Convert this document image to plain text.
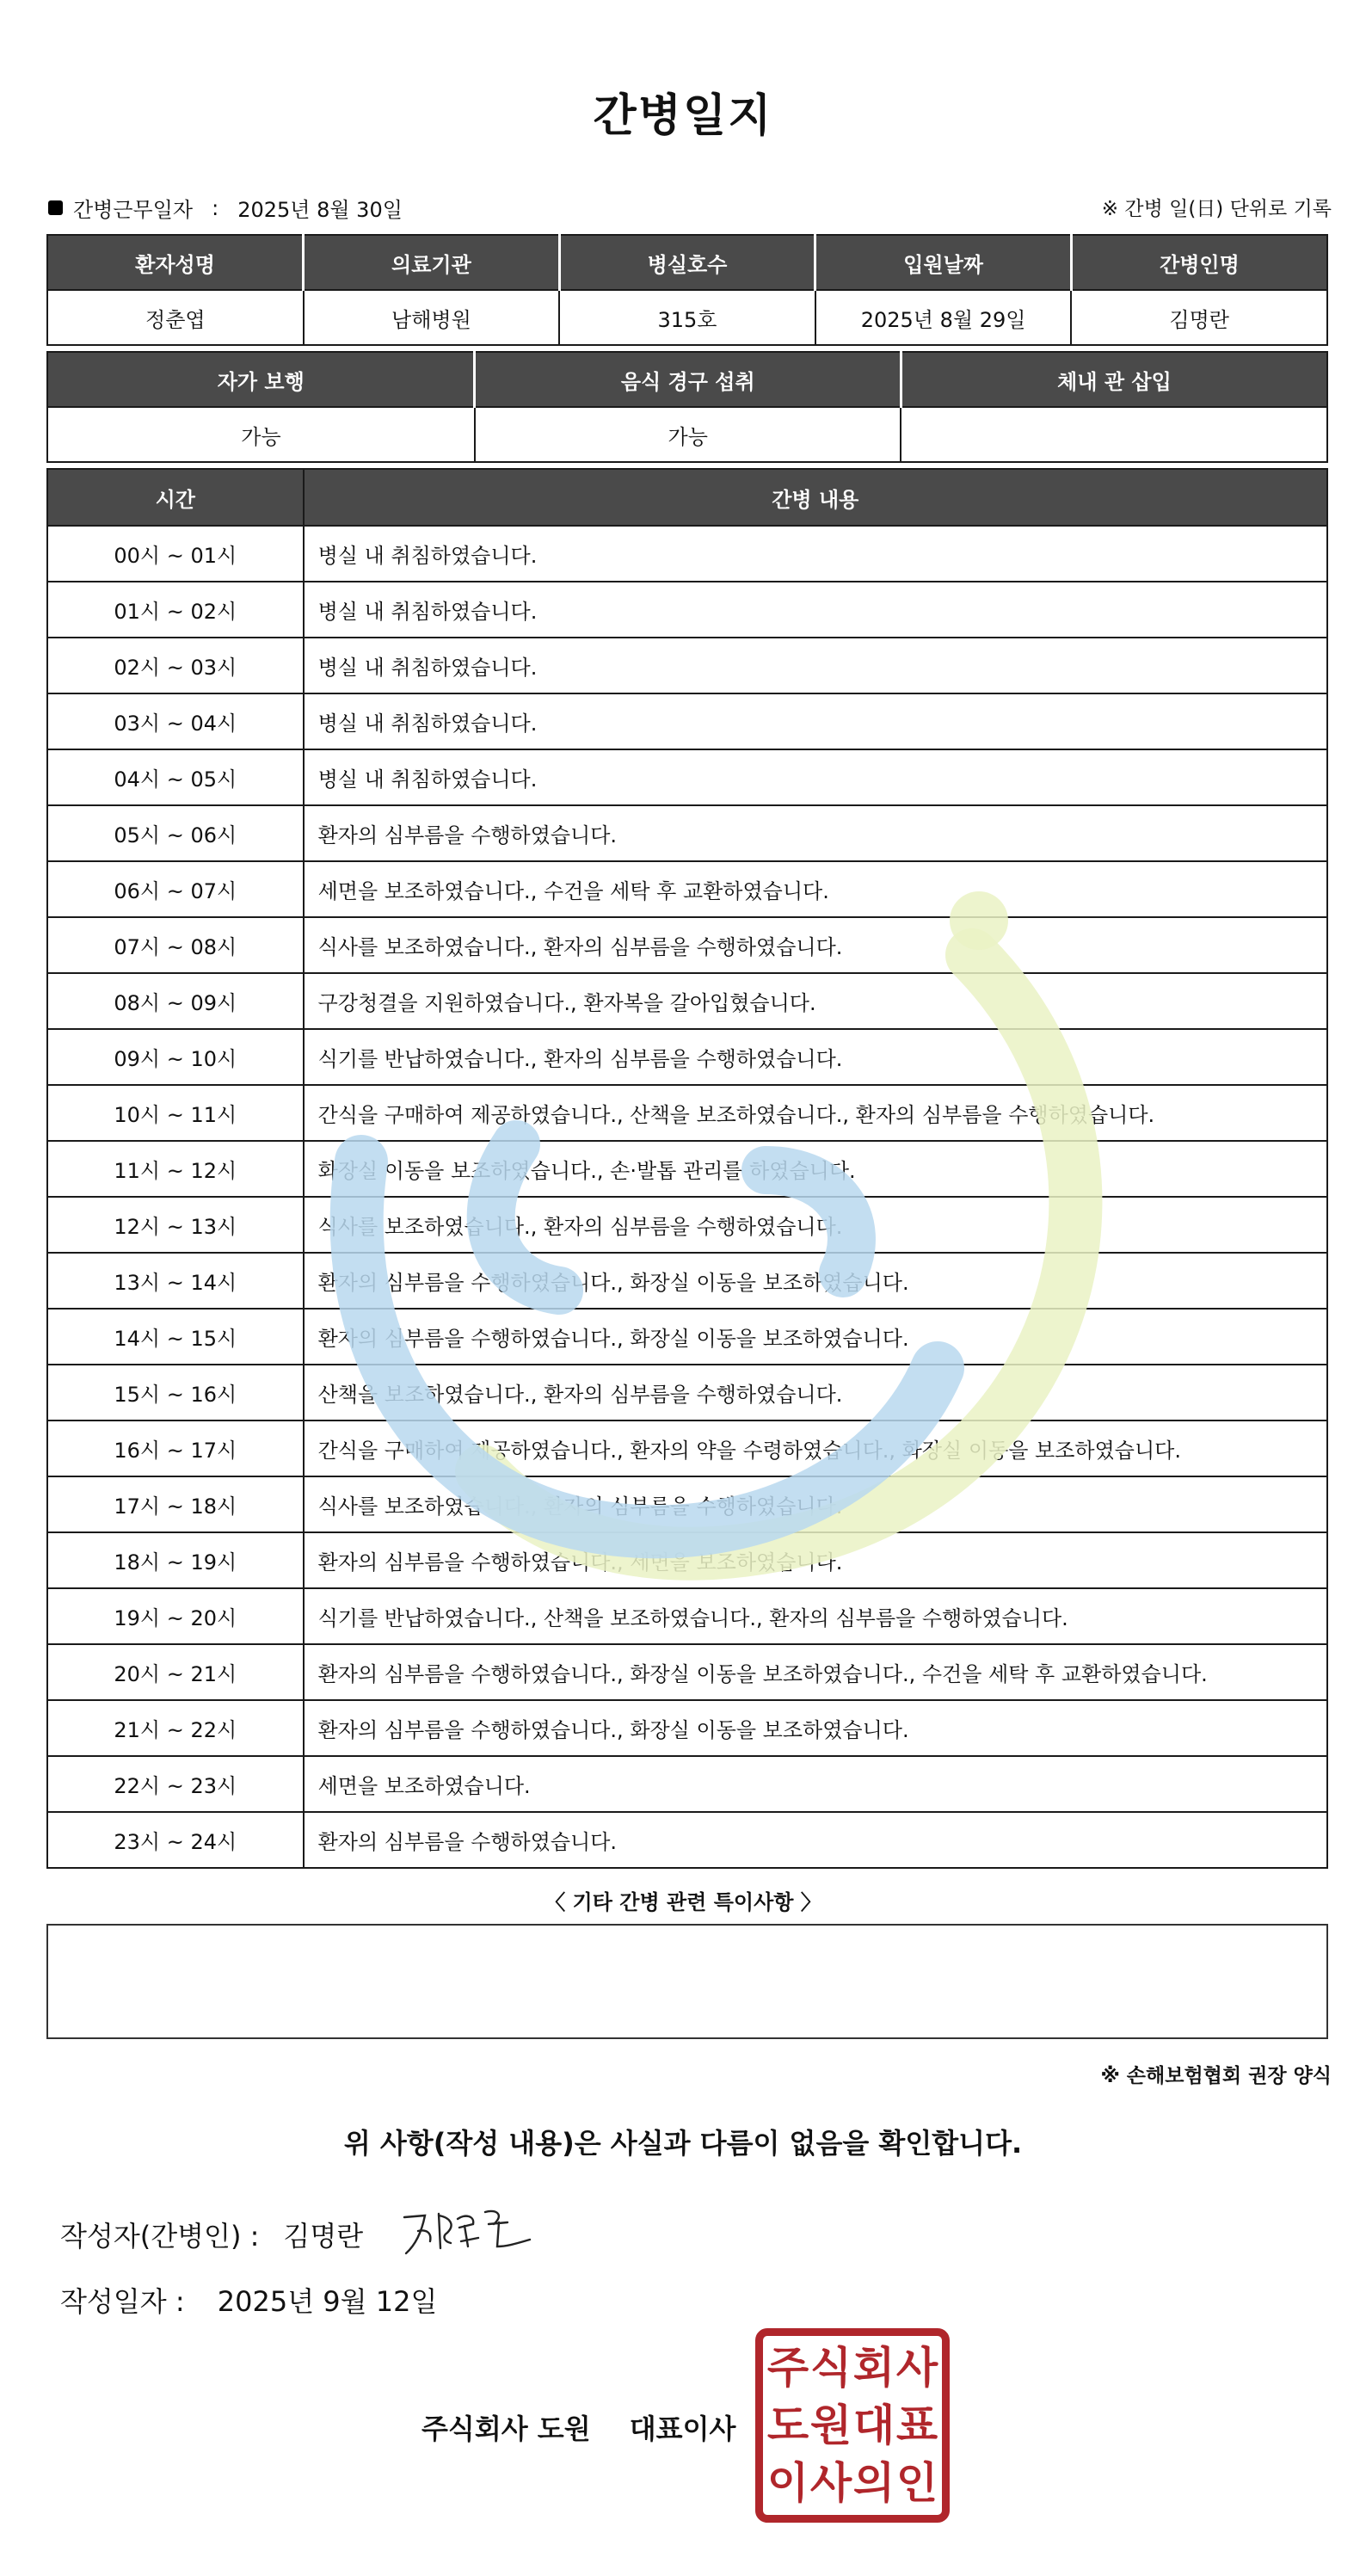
간병일지
간병근무일자 : 2025년 8월 30일	※ 간병 일(日) 단위로 기록
환자성명	의료기관	병실호수	입원날짜	간병인명
정춘엽	남해병원	315호	2025년 8월 29일	김명란
자가 보행	음식 경구 섭취	체내 관 삽입
가능	가능	
시간	간병 내용
00시 ~ 01시	병실 내 취침하였습니다.
01시 ~ 02시	병실 내 취침하였습니다.
02시 ~ 03시	병실 내 취침하였습니다.
03시 ~ 04시	병실 내 취침하였습니다.
04시 ~ 05시	병실 내 취침하였습니다.
05시 ~ 06시	환자의 심부름을 수행하였습니다.
06시 ~ 07시	세면을 보조하였습니다., 수건을 세탁 후 교환하였습니다.
07시 ~ 08시	식사를 보조하였습니다., 환자의 심부름을 수행하였습니다.
08시 ~ 09시	구강청결을 지원하였습니다., 환자복을 갈아입혔습니다.
09시 ~ 10시	식기를 반납하였습니다., 환자의 심부름을 수행하였습니다.
10시 ~ 11시	간식을 구매하여 제공하였습니다., 산책을 보조하였습니다., 환자의 심부름을 수행하였습니다.
11시 ~ 12시	화장실 이동을 보조하였습니다., 손·발톱 관리를 하였습니다.
12시 ~ 13시	식사를 보조하였습니다., 환자의 심부름을 수행하였습니다.
13시 ~ 14시	환자의 심부름을 수행하였습니다., 화장실 이동을 보조하였습니다.
14시 ~ 15시	환자의 심부름을 수행하였습니다., 화장실 이동을 보조하였습니다.
15시 ~ 16시	산책을 보조하였습니다., 환자의 심부름을 수행하였습니다.
16시 ~ 17시	간식을 구매하여 제공하였습니다., 환자의 약을 수령하였습니다., 화장실 이동을 보조하였습니다.
17시 ~ 18시	식사를 보조하였습니다., 환자의 심부름을 수행하였습니다.
18시 ~ 19시	환자의 심부름을 수행하였습니다., 세면을 보조하였습니다.
19시 ~ 20시	식기를 반납하였습니다., 산책을 보조하였습니다., 환자의 심부름을 수행하였습니다.
20시 ~ 21시	환자의 심부름을 수행하였습니다., 화장실 이동을 보조하였습니다., 수건을 세탁 후 교환하였습니다.
21시 ~ 22시	환자의 심부름을 수행하였습니다., 화장실 이동을 보조하였습니다.
22시 ~ 23시	세면을 보조하였습니다.
23시 ~ 24시	환자의 심부름을 수행하였습니다.
〈 기타 간병 관련 특이사항 〉
※ 손해보험협회 권장 양식
위 사항(작성 내용)은 사실과 다름이 없음을 확인합니다.
작성자(간병인) : 김명란
작성일자 : 2025년 9월 12일
주식회사 도원 대표이사
주 식 회 사
도 원 대 표
이 사 의 인
